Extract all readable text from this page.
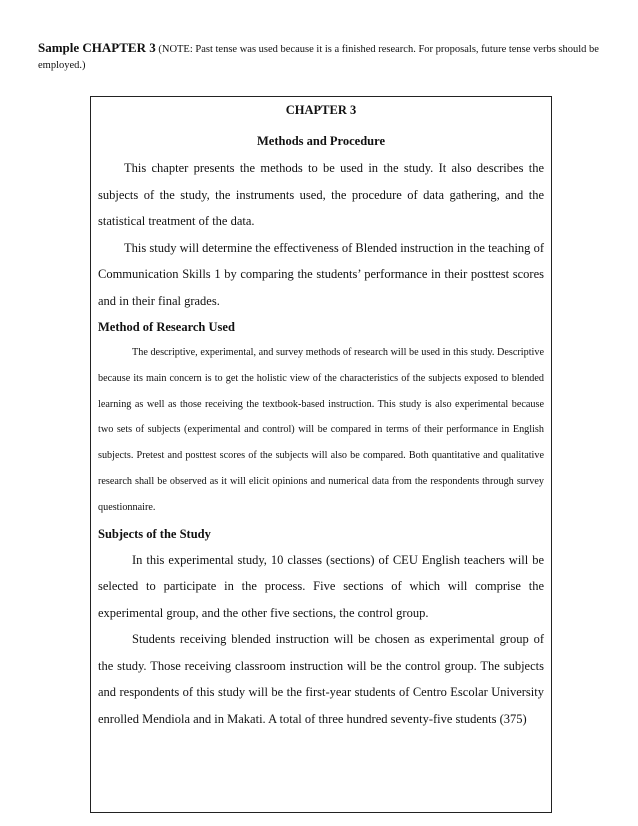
Sample CHAPTER 3 (NOTE: Past tense was used because it is a finished research. For proposals, future tense verbs should be employed.)
CHAPTER 3
Methods and Procedure

This chapter presents the methods to be used in the study. It also describes the subjects of the study, the instruments used, the procedure of data gathering, and the statistical treatment of the data.

This study will determine the effectiveness of Blended instruction in the teaching of Communication Skills 1 by comparing the students’ performance in their posttest scores and in their final grades.

Method of Research Used

The descriptive, experimental, and survey methods of research will be used in this study. Descriptive because its main concern is to get the holistic view of the characteristics of the subjects exposed to blended learning as well as those receiving the textbook-based instruction. This study is also experimental because two sets of subjects (experimental and control) will be compared in terms of their performance in English subjects. Pretest and posttest scores of the subjects will also be compared. Both quantitative and qualitative research shall be observed as it will elicit opinions and numerical data from the respondents through survey questionnaire.

Subjects of the Study

In this experimental study, 10 classes (sections) of CEU English teachers will be selected to participate in the process. Five sections of which will comprise the experimental group, and the other five sections, the control group.

Students receiving blended instruction will be chosen as experimental group of the study. Those receiving classroom instruction will be the control group. The subjects and respondents of this study will be the first-year students of Centro Escolar University enrolled Mendiola and in Makati. A total of three hundred seventy-five students (375)
